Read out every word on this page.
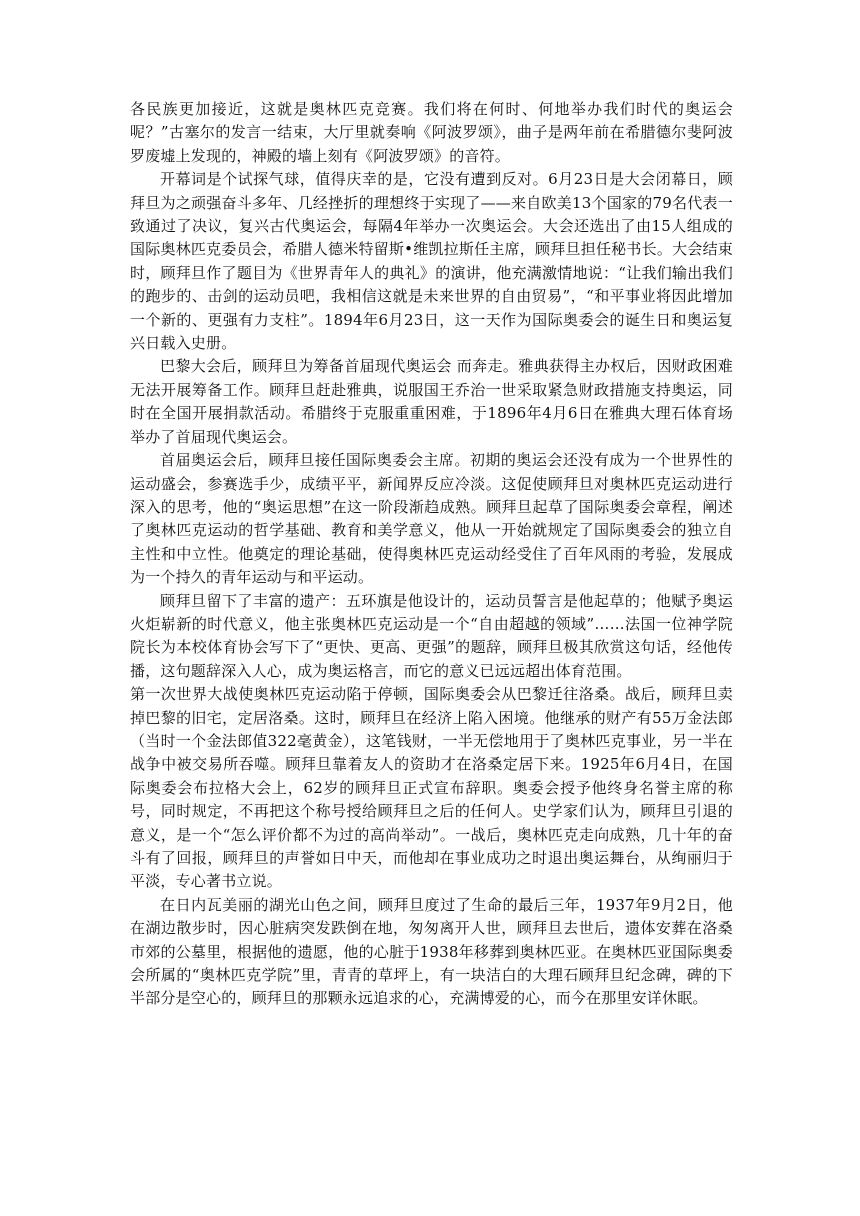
各民族更加接近，这就是奥林匹克竞赛。我们将在何时、何地举办我们时代的奥运会呢？”古塞尔的发言一结束，大厅里就奏响《阿波罗颂》，曲子是两年前在希腊德尔斐阿波罗废墟上发现的，神殿的墙上刻有《阿波罗颂》的音符。

开幕词是个试探气球，值得庆幸的是，它没有遭到反对。6月23日是大会闭幕日，顾拜旦为之顽强奋斗多年、几经挫折的理想终于实现了——来自欧美13个国家的79名代表一致通过了决议，复兴古代奥运会，每隔4年举办一次奥运会。大会还选出了由15人组成的国际奥林匹克委员会，希腊人德米特留斯•维凯拉斯任主席，顾拜旦担任秘书长。大会结束时，顾拜旦作了题目为《世界青年人的典礼》的演讲，他充满激情地说：“让我们输出我们的跑步的、击剑的运动员吧，我相信这就是未来世界的自由贸易”，“和平事业将因此增加一个新的、更强有力支柱”。1894年6月23日，这一天作为国际奥委会的诞生日和奥运复兴日载入史册。

巴黎大会后，顾拜旦为筹备首届现代奥运会 而奔走。雅典获得主办权后，因财政困难无法开展筹备工作。顾拜旦赶赴雅典，说服国王乔治一世采取紧急财政措施支持奥运，同时在全国开展捐款活动。希腊终于克服重重困难，于1896年4月6日在雅典大理石体育场举办了首届现代奥运会。

首届奥运会后，顾拜旦接任国际奥委会主席。初期的奥运会还没有成为一个世界性的运动盛会，参赛选手少，成绩平平，新闻界反应冷淡。这促使顾拜旦对奥林匹克运动进行深入的思考，他的“奥运思想”在这一阶段渐趋成熟。顾拜旦起草了国际奥委会章程，阐述了奥林匹克运动的哲学基础、教育和美学意义，他从一开始就规定了国际奥委会的独立自主性和中立性。他奠定的理论基础，使得奥林匹克运动经受住了百年风雨的考验，发展成为一个持久的青年运动与和平运动。

顾拜旦留下了丰富的遗产：五环旗是他设计的，运动员誓言是他起草的；他赋予奥运火炬崭新的时代意义，他主张奥林匹克运动是一个“自由超越的领域”……法国一位神学院院长为本校体育协会写下了“更快、更高、更强”的题辞，顾拜旦极其欣赏这句话，经他传播，这句题辞深入人心，成为奥运格言，而它的意义已远远超出体育范围。

第一次世界大战使奥林匹克运动陷于停顿，国际奥委会从巴黎迁往洛桑。战后，顾拜旦卖掉巴黎的旧宅，定居洛桑。这时，顾拜旦在经济上陷入困境。他继承的财产有55万金法郎（当时一个金法郎值322毫黄金），这笔钱财，一半无偿地用于了奥林匹克事业，另一半在战争中被交易所吞噬。顾拜旦靠着友人的资助才在洛桑定居下来。1925年6月4日，在国际奥委会布拉格大会上，62岁的顾拜旦正式宣布辞职。奥委会授予他终身名誉主席的称号，同时规定，不再把这个称号授给顾拜旦之后的任何人。史学家们认为，顾拜旦引退的意义，是一个“怎么评价都不为过的高尚举动”。一战后，奥林匹克走向成熟，几十年的奋斗有了回报，顾拜旦的声誉如日中天，而他却在事业成功之时退出奥运舞台，从绚丽归于平淡，专心著书立说。

在日内瓦美丽的湖光山色之间，顾拜旦度过了生命的最后三年，1937年9月2日，他在湖边散步时，因心脏病突发跌倒在地，匆匆离开人世，顾拜旦去世后，遗体安葬在洛桑市郊的公墓里，根据他的遗愿，他的心脏于1938年移葬到奥林匹亚。在奥林匹亚国际奥委会所属的“奥林匹克学院”里，青青的草坪上，有一块洁白的大理石顾拜旦纪念碑，碑的下半部分是空心的，顾拜旦的那颗永远追求的心，充满博爱的心，而今在那里安详休眠。
